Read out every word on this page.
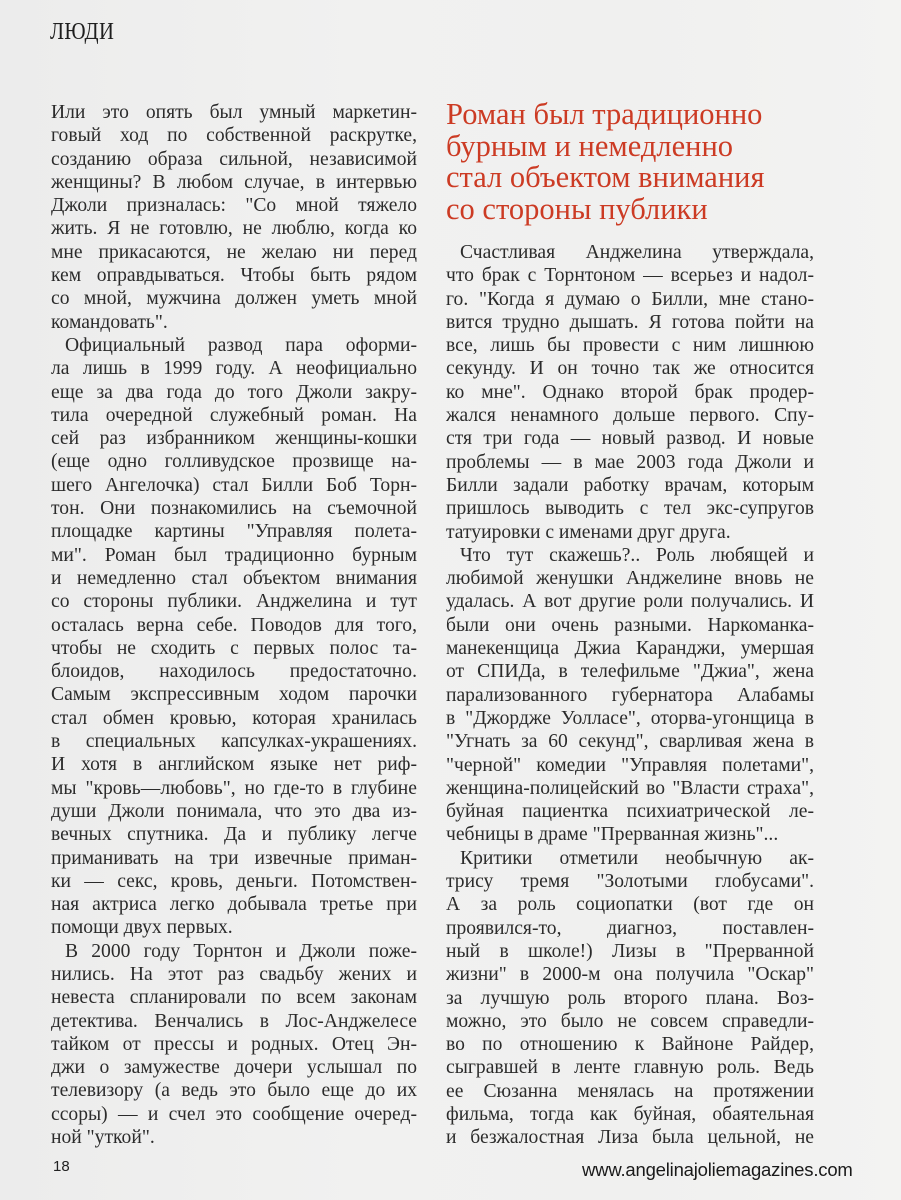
ЛЮДИ
Или это опять был умный маркетин-
говый ход по собственной раскрутке,
созданию образа сильной, независимой
женщины? В любом случае, в интервью
Джоли призналась: "Со мной тяжело
жить. Я не готовлю, не люблю, когда ко
мне прикасаются, не желаю ни перед
кем оправдываться. Чтобы быть рядом
со мной, мужчина должен уметь мной
командовать".
Официальный развод пара оформи-
ла лишь в 1999 году. А неофициально
еще за два года до того Джоли закру-
тила очередной служебный роман. На
сей раз избранником женщины-кошки
(еще одно голливудское прозвище на-
шего Ангелочка) стал Билли Боб Торн-
тон. Они познакомились на съемочной
площадке картины "Управляя полета-
ми". Роман был традиционно бурным
и немедленно стал объектом внимания
со стороны публики. Анджелина и тут
осталась верна себе. Поводов для того,
чтобы не сходить с первых полос та-
блоидов, находилось предостаточно.
Самым экспрессивным ходом парочки
стал обмен кровью, которая хранилась
в специальных капсулках-украшениях.
И хотя в английском языке нет риф-
мы "кровь—любовь", но где-то в глубине
души Джоли понимала, что это два из-
вечных спутника. Да и публику легче
приманивать на три извечные приман-
ки — секс, кровь, деньги. Потомствен-
ная актриса легко добывала третье при
помощи двух первых.
В 2000 году Торнтон и Джоли поже-
нились. На этот раз свадьбу жених и
невеста спланировали по всем законам
детектива. Венчались в Лос-Анджелесе
тайком от прессы и родных. Отец Эн-
джи о замужестве дочери услышал по
телевизору (а ведь это было еще до их
ссоры) — и счел это сообщение очеред-
ной "уткой".
Роман был традиционно
бурным и немедленно
стал объектом внимания
со стороны публики
Счастливая Анджелина утверждала,
что брак с Торнтоном — всерьез и надол-
го. "Когда я думаю о Билли, мне стано-
вится трудно дышать. Я готова пойти на
все, лишь бы провести с ним лишнюю
секунду. И он точно так же относится
ко мне". Однако второй брак продер-
жался ненамного дольше первого. Спу-
стя три года — новый развод. И новые
проблемы — в мае 2003 года Джоли и
Билли задали работку врачам, которым
пришлось выводить с тел экс-супругов
татуировки с именами друг друга.
Что тут скажешь?.. Роль любящей и
любимой женушки Анджелине вновь не
удалась. А вот другие роли получались. И
были они очень разными. Наркоманка-
манекенщица Джиа Каранджи, умершая
от СПИДа, в телефильме "Джиа", жена
парализованного губернатора Алабамы
в "Джордже Уолласе", оторва-угонщица в
"Угнать за 60 секунд", сварливая жена в
"черной" комедии "Управляя полетами",
женщина-полицейский во "Власти страха",
буйная пациентка психиатрической ле-
чебницы в драме "Прерванная жизнь"...
Критики отметили необычную ак-
трису тремя "Золотыми глобусами".
А за роль социопатки (вот где он
проявился-то, диагноз, поставлен-
ный в школе!) Лизы в "Прерванной
жизни" в 2000-м она получила "Оскар"
за лучшую роль второго плана. Воз-
можно, это было не совсем справедли-
во по отношению к Вайноне Райдер,
сыгравшей в ленте главную роль. Ведь
ее Сюзанна менялась на протяжении
фильма, тогда как буйная, обаятельная
и безжалостная Лиза была цельной, не
18	www.angelinajoliemagazines.com
